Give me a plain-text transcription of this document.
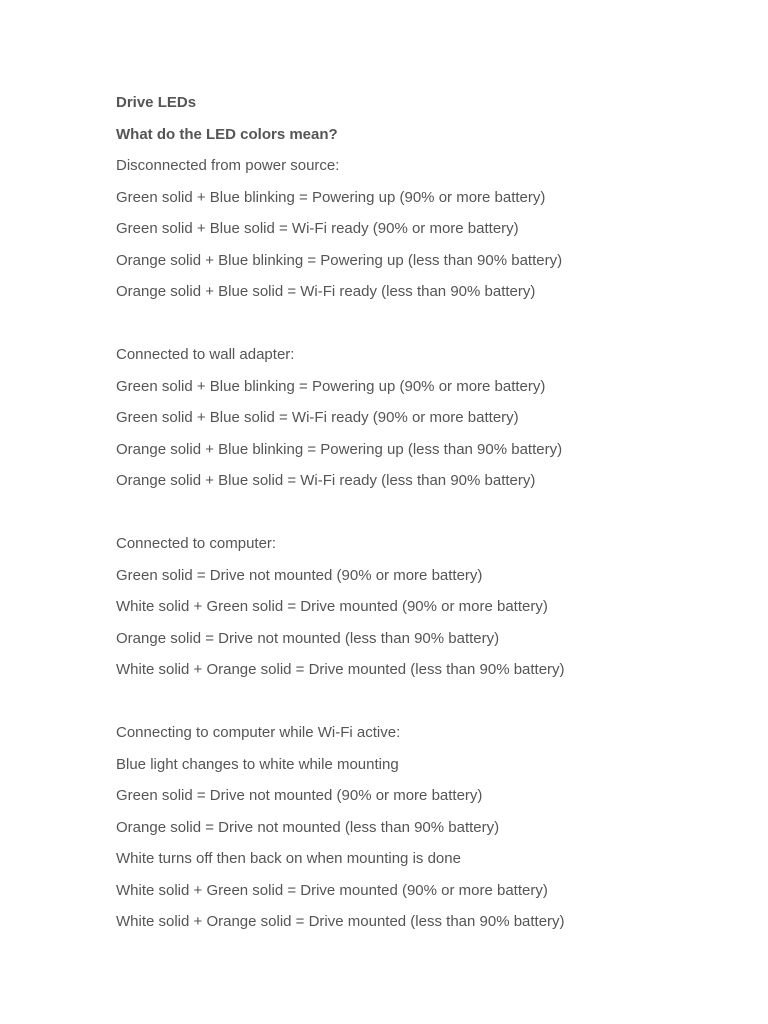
Drive LEDs
What do the LED colors mean?
Disconnected from power source:
Green solid + Blue blinking = Powering up (90% or more battery)
Green solid + Blue solid = Wi-Fi ready (90% or more battery)
Orange solid + Blue blinking = Powering up (less than 90% battery)
Orange solid + Blue solid = Wi-Fi ready (less than 90% battery)
Connected to wall adapter:
Green solid + Blue blinking = Powering up (90% or more battery)
Green solid + Blue solid = Wi-Fi ready (90% or more battery)
Orange solid + Blue blinking = Powering up (less than 90% battery)
Orange solid + Blue solid = Wi-Fi ready (less than 90% battery)
Connected to computer:
Green solid = Drive not mounted (90% or more battery)
White solid + Green solid = Drive mounted (90% or more battery)
Orange solid = Drive not mounted (less than 90% battery)
White solid + Orange solid = Drive mounted (less than 90% battery)
Connecting to computer while Wi-Fi active:
Blue light changes to white while mounting
Green solid = Drive not mounted (90% or more battery)
Orange solid = Drive not mounted (less than 90% battery)
White turns off then back on when mounting is done
White solid + Green solid = Drive mounted (90% or more battery)
White solid + Orange solid = Drive mounted (less than 90% battery)
